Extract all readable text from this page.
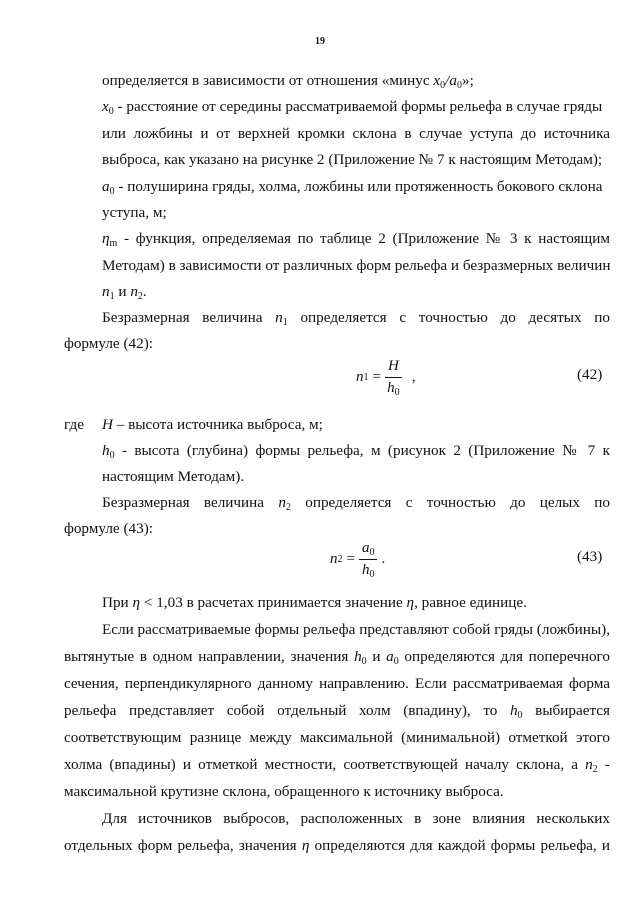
19
определяется в зависимости от отношения «минус $x_0/a_0$»;
$x_0$ - расстояние от середины рассматриваемой формы рельефа в случае гряды
или ложбины и от верхней кромки склона в случае уступа до источника
выброса, как указано на рисунке 2 (Приложение № 7 к настоящим Методам);
$a_0$ - полуширина гряды, холма, ложбины или протяженность бокового склона
уступа, м;
$\eta_m$ - функция, определяемая по таблице 2 (Приложение № 3 к настоящим
Методам) в зависимости от различных форм рельефа и безразмерных величин
$n_1$ и $n_2$.
Безразмерная величина $n_1$ определяется с точностью до десятых по
формуле (42):
n $1 = \frac{H}{h_0}$ ,	(42)
где H – высота источника выброса, м;
$h_0$ - высота (глубина) формы рельефа, м (рисунок 2 (Приложение № 7 к
настоящим Методам).
Безразмерная величина $n_2$ определяется с точностью до целых по
формуле (43):
n $2 = \frac{a_0}{h_0}$ .	(43)
При η < 1,03 в расчетах принимается значение η, равное единице.
Если рассматриваемые формы рельефа представляют собой гряды (ложбины),
вытянутые в одном направлении, значения $h_0$ и $a_0$ определяются для поперечного
сечения, перпендикулярного данному направлению. Если рассматриваемая форма
рельефа представляет собой отдельный холм (впадину), то $h_0$ выбирается
соответствующим разнице между максимальной (минимальной) отметкой этого
холма (впадины) и отметкой местности, соответствующей началу склона, а $n_2$ -
максимальной крутизне склона, обращенного к источнику выброса.
Для источников выбросов, расположенных в зоне влияния нескольких
отдельных форм рельефа, значения η определяются для каждой формы рельефа, и
